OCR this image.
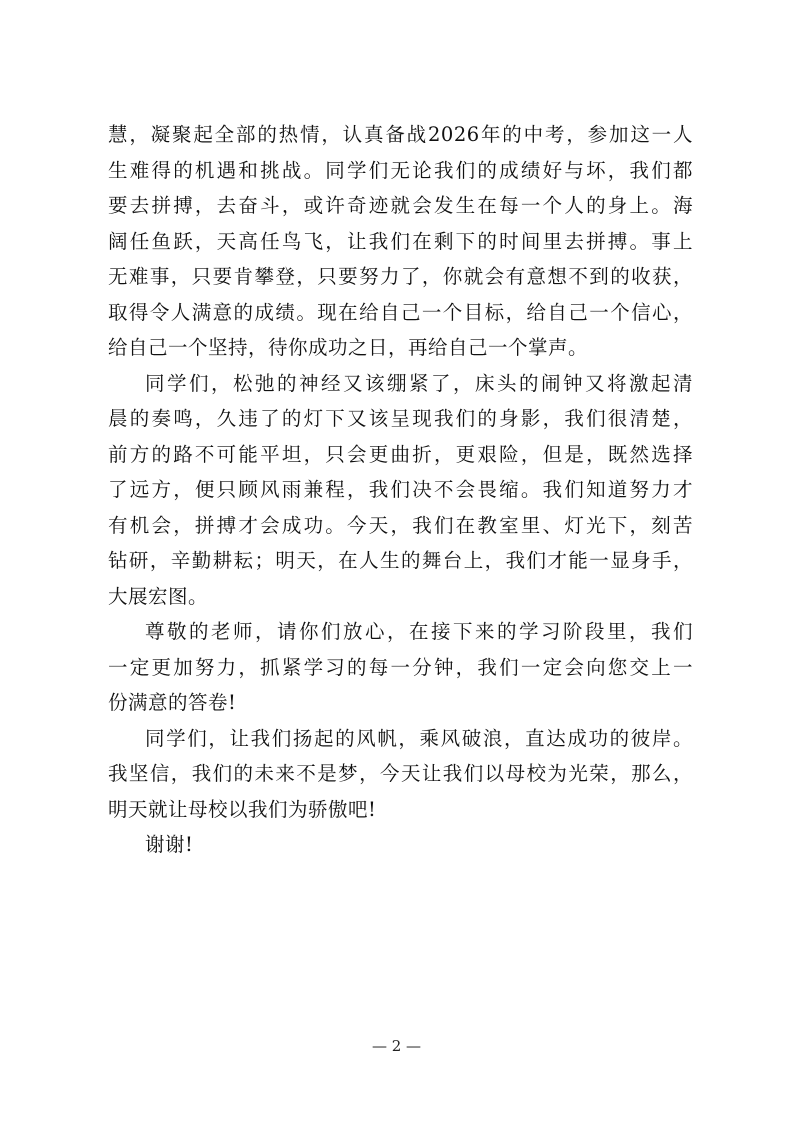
慧，凝聚起全部的热情，认真备战2026年的中考，参加这一人
生难得的机遇和挑战。同学们无论我们的成绩好与坏，我们都
要去拼搏，去奋斗，或许奇迹就会发生在每一个人的身上。海
阔任鱼跃，天高任鸟飞，让我们在剩下的时间里去拼搏。事上
无难事，只要肯攀登，只要努力了，你就会有意想不到的收获，
取得令人满意的成绩。现在给自己一个目标，给自己一个信心，
给自己一个坚持，待你成功之日，再给自己一个掌声。
同学们，松弛的神经又该绷紧了，床头的闹钟又将激起清
晨的奏鸣，久违了的灯下又该呈现我们的身影，我们很清楚，
前方的路不可能平坦，只会更曲折，更艰险，但是，既然选择
了远方，便只顾风雨兼程，我们决不会畏缩。我们知道努力才
有机会，拼搏才会成功。今天，我们在教室里、灯光下，刻苦
钻研，辛勤耕耘；明天，在人生的舞台上，我们才能一显身手，
大展宏图。
尊敬的老师，请你们放心，在接下来的学习阶段里，我们
一定更加努力，抓紧学习的每一分钟，我们一定会向您交上一
份满意的答卷!
同学们，让我们扬起的风帆，乘风破浪，直达成功的彼岸。
我坚信，我们的未来不是梦，今天让我们以母校为光荣，那么，
明天就让母校以我们为骄傲吧!
谢谢!
— 2 —
